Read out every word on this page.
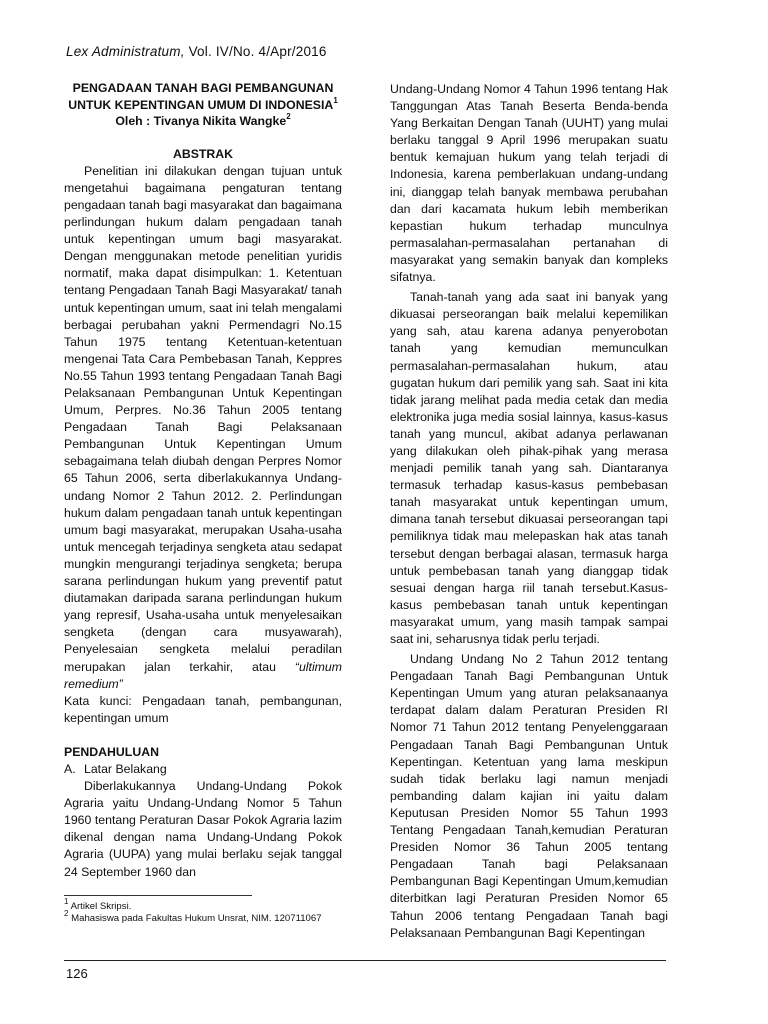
Lex Administratum, Vol. IV/No. 4/Apr/2016

PENGADAAN TANAH BAGI PEMBANGUNAN
UNTUK KEPENTINGAN UMUM DI INDONESIA$^1$
Oleh : Tivanya Nikita Wangke$^2$

ABSTRAK

Penelitian ini dilakukan dengan tujuan untuk mengetahui bagaimana pengaturan tentang pengadaan tanah bagi masyarakat dan bagaimana perlindungan hukum dalam pengadaan tanah untuk kepentingan umum bagi masyarakat. Dengan menggunakan metode penelitian yuridis normatif, maka dapat disimpulkan: 1. Ketentuan tentang Pengadaan Tanah Bagi Masyarakat/ tanah untuk kepentingan umum, saat ini telah mengalami berbagai perubahan yakni Permendagri No.15 Tahun 1975 tentang Ketentuan-ketentuan mengenai Tata Cara Pembebasan Tanah, Keppres No.55 Tahun 1993 tentang Pengadaan Tanah Bagi Pelaksanaan Pembangunan Untuk Kepentingan Umum, Perpres. No.36 Tahun 2005 tentang Pengadaan Tanah Bagi Pelaksanaan Pembangunan Untuk Kepentingan Umum sebagaimana telah diubah dengan Perpres Nomor 65 Tahun 2006, serta diberlakukannya Undang-undang Nomor 2 Tahun 2012. 2. Perlindungan hukum dalam pengadaan tanah untuk kepentingan umum bagi masyarakat, merupakan Usaha-usaha untuk mencegah terjadinya sengketa atau sedapat mungkin mengurangi terjadinya sengketa; berupa sarana perlindungan hukum yang preventif patut diutamakan daripada sarana perlindungan hukum yang represif, Usaha-usaha untuk menyelesaikan sengketa (dengan cara musyawarah), Penyelesaian sengketa melalui peradilan merupakan jalan terkahir, atau “ultimum remedium”

Kata kunci: Pengadaan tanah, pembangunan, kepentingan umum

PENDAHULUAN
A. Latar Belakang

Diberlakukannya Undang-Undang Pokok Agraria yaitu Undang-Undang Nomor 5 Tahun 1960 tentang Peraturan Dasar Pokok Agraria lazim dikenal dengan nama Undang-Undang Pokok Agraria (UUPA) yang mulai berlaku sejak tanggal 24 September 1960 dan

$^1$ Artikel Skripsi.

$^2$ Mahasiswa pada Fakultas Hukum Unsrat, NIM. 120711067

Undang-Undang Nomor 4 Tahun 1996 tentang Hak Tanggungan Atas Tanah Beserta Benda-benda Yang Berkaitan Dengan Tanah (UUHT) yang mulai berlaku tanggal 9 April 1996 merupakan suatu bentuk kemajuan hukum yang telah terjadi di Indonesia, karena pemberlakuan undang-undang ini, dianggap telah banyak membawa perubahan dan dari kacamata hukum lebih memberikan kepastian hukum terhadap munculnya permasalahan-permasalahan pertanahan di masyarakat yang semakin banyak dan kompleks sifatnya.

Tanah-tanah yang ada saat ini banyak yang dikuasai perseorangan baik melalui kepemilikan yang sah, atau karena adanya penyerobotan tanah yang kemudian memunculkan permasalahan-permasalahan hukum, atau gugatan hukum dari pemilik yang sah. Saat ini kita tidak jarang melihat pada media cetak dan media elektronika juga media sosial lainnya, kasus-kasus tanah yang muncul, akibat adanya perlawanan yang dilakukan oleh pihak-pihak yang merasa menjadi pemilik tanah yang sah. Diantaranya termasuk terhadap kasus-kasus pembebasan tanah masyarakat untuk kepentingan umum, dimana tanah tersebut dikuasai perseorangan tapi pemiliknya tidak mau melepaskan hak atas tanah tersebut dengan berbagai alasan, termasuk harga untuk pembebasan tanah yang dianggap tidak sesuai dengan harga riil tanah tersebut.Kasus-kasus pembebasan tanah untuk kepentingan masyarakat umum, yang masih tampak sampai saat ini, seharusnya tidak perlu terjadi.

Undang Undang No 2 Tahun 2012 tentang Pengadaan Tanah Bagi Pembangunan Untuk Kepentingan Umum yang aturan pelaksanaanya terdapat dalam dalam Peraturan Presiden RI Nomor 71 Tahun 2012 tentang Penyelenggaraan Pengadaan Tanah Bagi Pembangunan Untuk Kepentingan. Ketentuan yang lama meskipun sudah tidak berlaku lagi namun menjadi pembanding dalam kajian ini yaitu dalam Keputusan Presiden Nomor 55 Tahun 1993 Tentang Pengadaan Tanah,kemudian Peraturan Presiden Nomor 36 Tahun 2005 tentang Pengadaan Tanah bagi Pelaksanaan Pembangunan Bagi Kepentingan Umum,kemudian diterbitkan lagi Peraturan Presiden Nomor 65 Tahun 2006 tentang Pengadaan Tanah bagi Pelaksanaan Pembangunan Bagi Kepentingan

126
